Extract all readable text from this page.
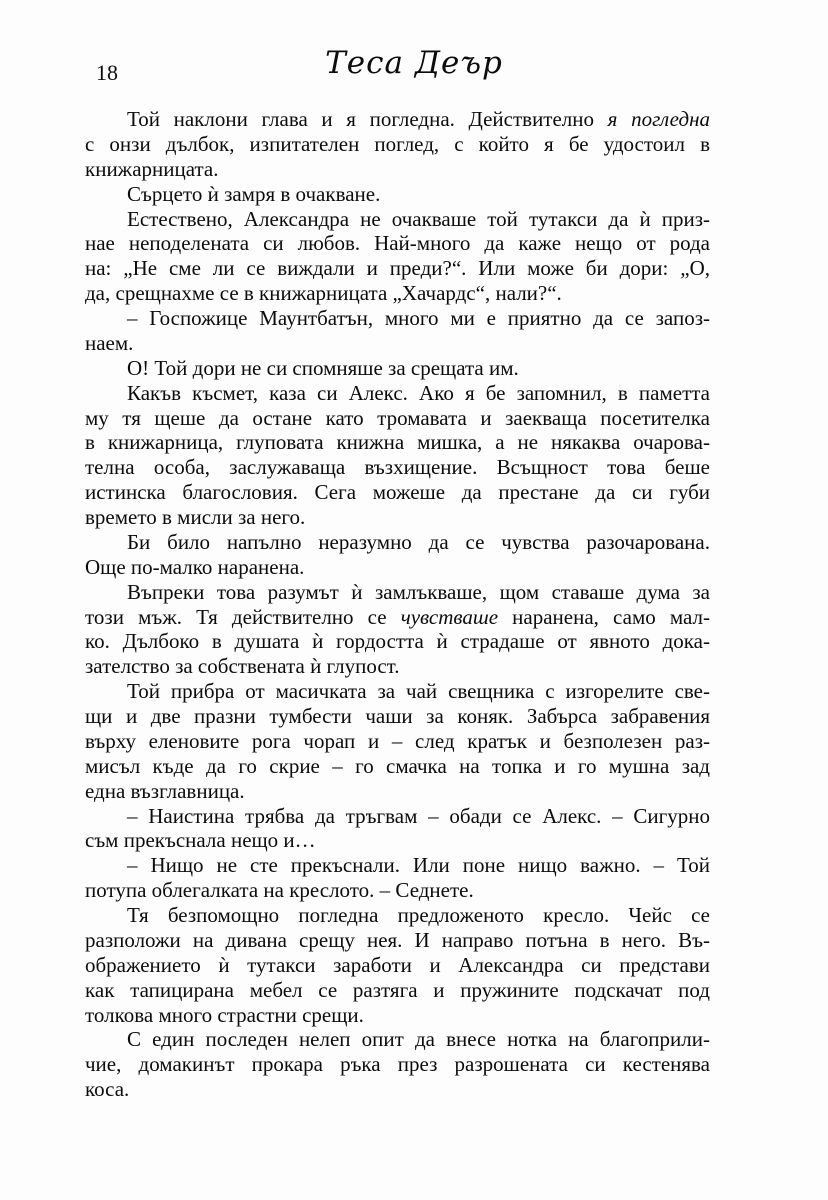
18	Теса Деър
Той наклони глава и я погледна. Действително я погледна
с онзи дълбок, изпитателен поглед, с който я бе удостоил в
книжарницата.
Сърцето ѝ замря в очакване.
Естествено, Александра не очакваше той тутакси да ѝ приз-
нае неподелената си любов. Най-много да каже нещо от рода
на: „Не сме ли се виждали и преди?“. Или може би дори: „О,
да, срещнахме се в книжарницата „Хачардс“, нали?“.
– Госпожице Маунтбатън, много ми е приятно да се запоз-
наем.
О! Той дори не си спомняше за срещата им.
Какъв късмет, каза си Алекс. Ако я бе запомнил, в паметта
му тя щеше да остане като тромавата и заекваща посетителка
в книжарница, глуповата книжна мишка, а не някаква очарова-
телна особа, заслужаваща възхищение. Всъщност това беше
истинска благословия. Сега можеше да престане да си губи
времето в мисли за него.
Би било напълно неразумно да се чувства разочарована.
Още по-малко наранена.
Въпреки това разумът ѝ замлъкваше, щом ставаше дума за
този мъж. Тя действително се чувстваше наранена, само мал-
ко. Дълбоко в душата ѝ гордостта ѝ страдаше от явното дока-
зателство за собствената ѝ глупост.
Той прибра от масичката за чай свещника с изгорелите све-
щи и две празни тумбести чаши за коняк. Забърса забравения
върху еленовите рога чорап и – след кратък и безполезен раз-
мисъл къде да го скрие – го смачка на топка и го мушна зад
една възглавница.
– Наистина трябва да тръгвам – обади се Алекс. – Сигурно
съм прекъснала нещо и…
– Нищо не сте прекъснали. Или поне нищо важно. – Той
потупа облегалката на креслото. – Седнете.
Тя безпомощно погледна предложеното кресло. Чейс се
разположи на дивана срещу нея. И направо потъна в него. Въ-
ображението ѝ тутакси заработи и Александра си представи
как тапицирана мебел се разтяга и пружините подскачат под
толкова много страстни срещи.
С един последен нелеп опит да внесе нотка на благоприли-
чие, домакинът прокара ръка през разрошената си кестенява
коса.
